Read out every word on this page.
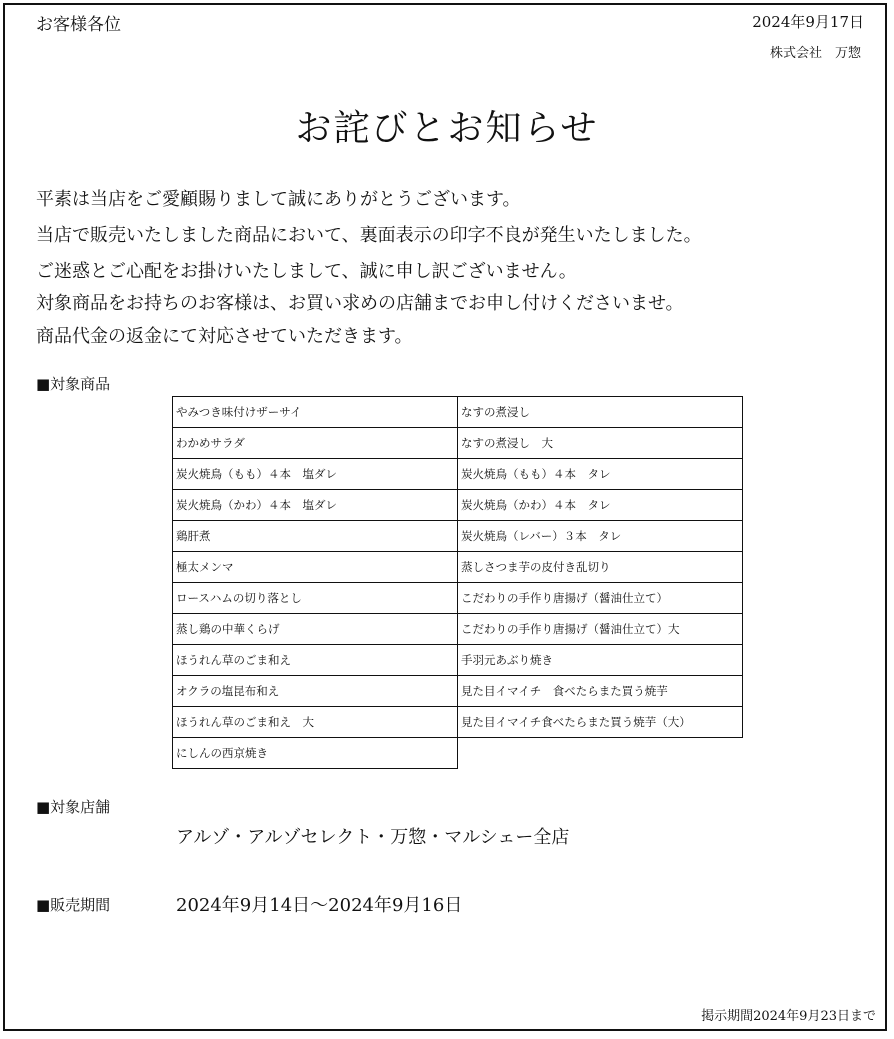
お客様各位	2024年9月17日
株式会社　万惣
お詫びとお知らせ
平素は当店をご愛顧賜りまして誠にありがとうございます。
当店で販売いたしました商品において、裏面表示の印字不良が発生いたしました。
ご迷惑とご心配をお掛けいたしまして、誠に申し訳ございません。
対象商品をお持ちのお客様は、お買い求めの店舗までお申し付けくださいませ。
商品代金の返金にて対応させていただきます。
■対象商品
やみつき味付けザーサイ	なすの煮浸し
わかめサラダ	なすの煮浸し　大
炭火焼鳥（もも）４本　塩ダレ	炭火焼鳥（もも）４本　タレ
炭火焼鳥（かわ）４本　塩ダレ	炭火焼鳥（かわ）４本　タレ
鶏肝煮	炭火焼鳥（レバー）３本　タレ
極太メンマ	蒸しさつま芋の皮付き乱切り
ロースハムの切り落とし	こだわりの手作り唐揚げ（醤油仕立て）
蒸し鶏の中華くらげ	こだわりの手作り唐揚げ（醤油仕立て）大
ほうれん草のごま和え	手羽元あぶり焼き
オクラの塩昆布和え	見た目イマイチ　食べたらまた買う焼芋
ほうれん草のごま和え　大	見た目イマイチ食べたらまた買う焼芋（大）
にしんの西京焼き	
■対象店舗
アルゾ・アルゾセレクト・万惣・マルシェー全店
■販売期間	2024年9月14日～2024年9月16日
掲示期間2024年9月23日まで
